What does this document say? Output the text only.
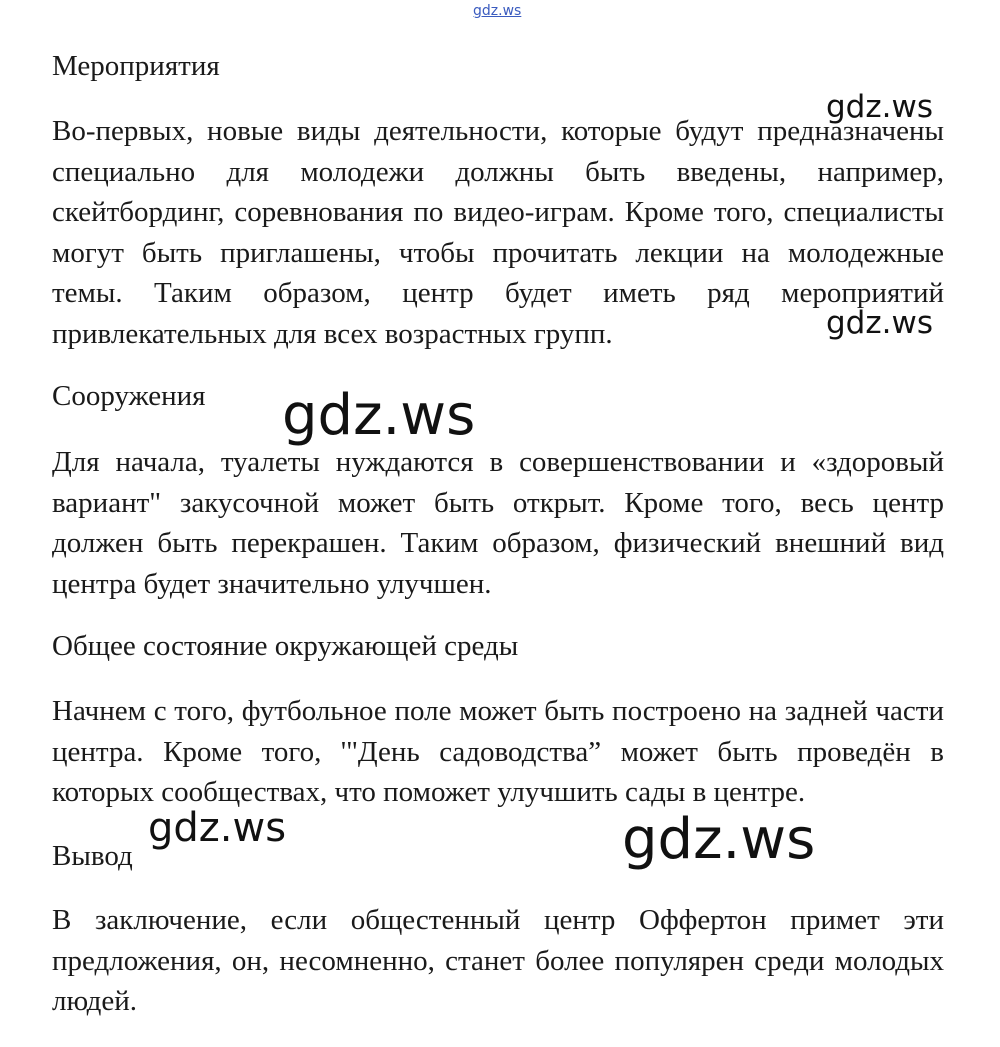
gdz.ws
Мероприятия

Во-первых, новые виды деятельности, которые будут предназначены специально для молодежи должны быть введены, например, скейтбординг, соревнования по видео-играм. Кроме того, специалисты могут быть приглашены, чтобы прочитать лекции на молодежные темы. Таким образом, центр будет иметь ряд мероприятий привлекательных для всех возрастных групп.

Сооружения

Для начала, туалеты нуждаются в совершенствовании и «здоровый вариант" закусочной может быть открыт. Кроме того, весь центр должен быть перекрашен. Таким образом, физический внешний вид центра будет значительно улучшен.

Общее состояние окружающей среды

Начнем с того, футбольное поле может быть построено на задней части центра. Кроме того, '"День садоводства” может быть проведён в которых сообществах, что поможет улучшить сады в центре.

Вывод

В заключение, если общестенный центр Оффертон примет эти предложения, он, несомненно, станет более популярен среди молодых людей.

gdz.ws
gdz.ws
gdz.ws
gdz.ws	gdz.ws
